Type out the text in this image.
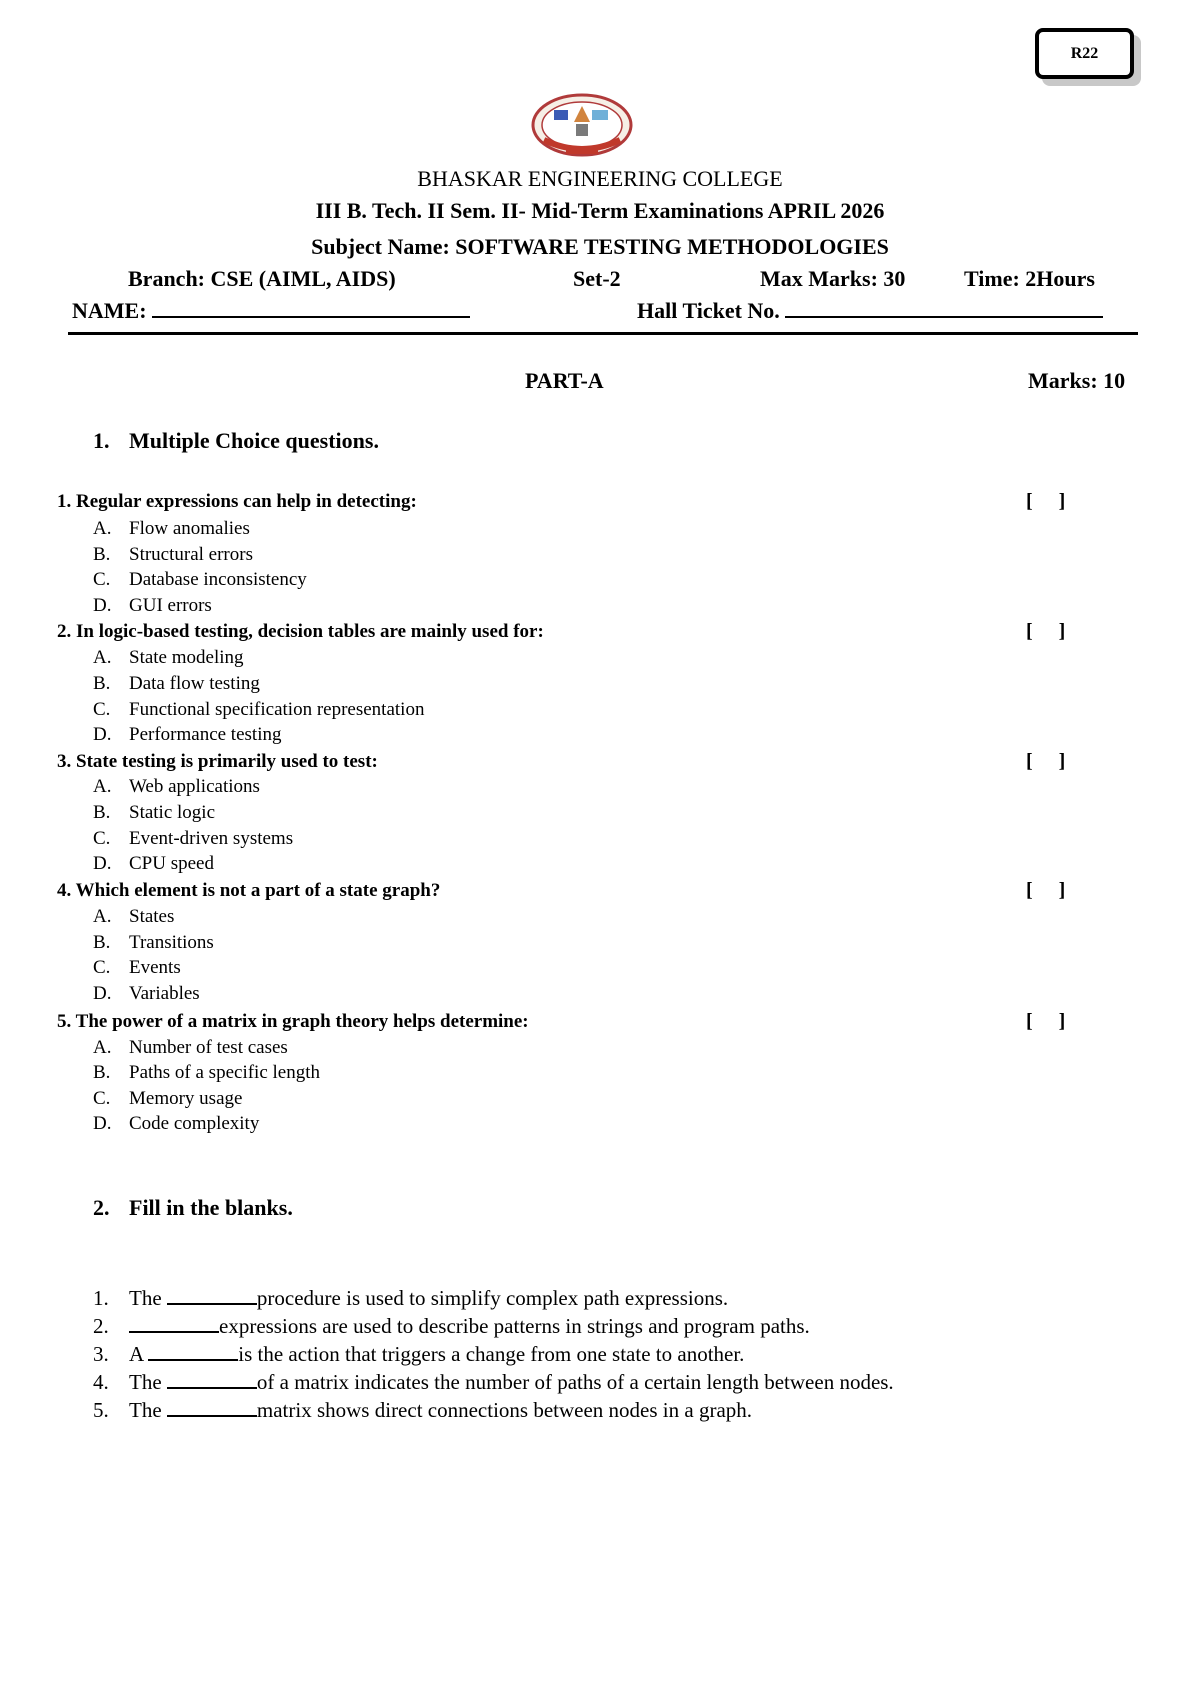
R22
BHASKAR ENGINEERING COLLEGE
III B. Tech. II Sem. II- Mid-Term Examinations APRIL 2026
Subject Name: SOFTWARE TESTING METHODOLOGIES
Branch: CSE (AIML, AIDS)	Set-2	Max Marks: 30	Time: 2Hours
NAME:	Hall Ticket No.
PART-A	Marks: 10
1. Multiple Choice questions.
1. Regular expressions can help in detecting:	[ ]
A. Flow anomalies
B. Structural errors
C. Database inconsistency
D. GUI errors
2. In logic-based testing, decision tables are mainly used for:	[ ]
A. State modeling
B. Data flow testing
C. Functional specification representation
D. Performance testing
3. State testing is primarily used to test:	[ ]
A. Web applications
B. Static logic
C. Event-driven systems
D. CPU speed
4. Which element is not a part of a state graph?	[ ]
A. States
B. Transitions
C. Events
D. Variables
5. The power of a matrix in graph theory helps determine:	[ ]
A. Number of test cases
B. Paths of a specific length
C. Memory usage
D. Code complexity
2. Fill in the blanks.
1. The	procedure is used to simplify complex path expressions.
2.	expressions are used to describe patterns in strings and program paths.
3. A	is the action that triggers a change from one state to another.
4. The	of a matrix indicates the number of paths of a certain length between nodes.
5. The	matrix shows direct connections between nodes in a graph.
